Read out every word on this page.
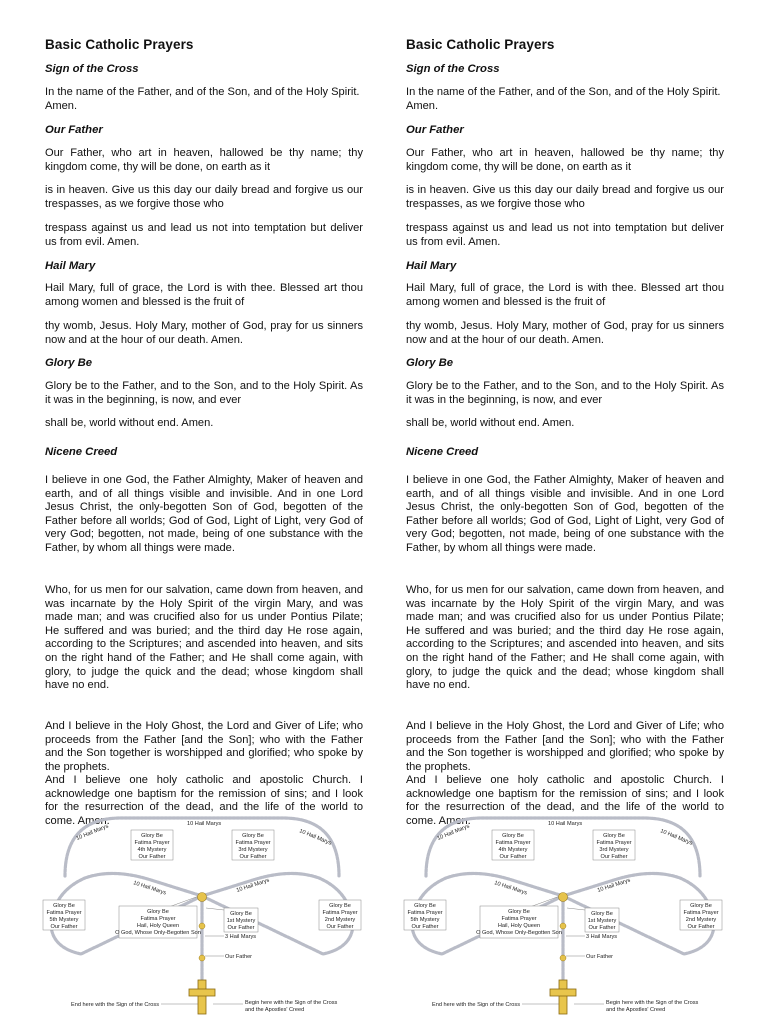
Basic Catholic Prayers
Sign of the Cross
In the name of the Father, and of the Son, and of the Holy Spirit. Amen.
Our Father
Our Father, who art in heaven, hallowed be thy name; thy kingdom come, thy will be done, on earth as it
is in heaven. Give us this day our daily bread and forgive us our trespasses, as we forgive those who
trespass against us and lead us not into temptation but deliver us from evil. Amen.
Hail Mary
Hail Mary, full of grace, the Lord is with thee. Blessed art thou among women and blessed is the fruit of
thy womb, Jesus. Holy Mary, mother of God, pray for us sinners now and at the hour of our death. Amen.
Glory Be
Glory be to the Father, and to the Son, and to the Holy Spirit. As it was in the beginning, is now, and ever
shall be, world without end. Amen.
Nicene Creed
I believe in one God, the Father Almighty, Maker of heaven and earth, and of all things visible and invisible. And in one Lord Jesus Christ, the only-begotten Son of God, begotten of the Father before all worlds; God of God, Light of Light, very God of very God; begotten, not made, being of one substance with the Father, by whom all things were made.
Who, for us men for our salvation, came down from heaven, and was incarnate by the Holy Spirit of the virgin Mary, and was made man; and was crucified also for us under Pontius Pilate; He suffered and was buried; and the third day He rose again, according to the Scriptures; and ascended into heaven, and sits on the right hand of the Father; and He shall come again, with glory, to judge the quick and the dead; whose kingdom shall have no end.
And I believe in the Holy Ghost, the Lord and Giver of Life; who proceeds from the Father [and the Son]; who with the Father and the Son together is worshipped and glorified; who spoke by the prophets.
And I believe one holy catholic and apostolic Church. I acknowledge one baptism for the remission of sins; and I look for the resurrection of the dead, and the life of the world to come. Amen.	10 Hail Marys
10 Hail Marys	10 Hail Marys
10 Hail Marys	10 Hail Marys
Glory Be
Fatima Prayer
4th Mystery
Our Father
Glory Be
Fatima Prayer
3rd Mystery
Our Father
Glory Be
Fatima Prayer
5th Mystery
Our Father
Glory Be
Fatima Prayer
2nd Mystery
Our Father
Glory Be
Fatima Prayer
Hail, Holy Queen
O God, Whose Only-Begotten Son
Glory Be
1st Mystery
Our Father
3 Hail Marys
Our Father
End here with the Sign of the Cross	Begin here with the Sign of the Cross
and the Apostles' Creed
Basic Catholic Prayers
Sign of the Cross
In the name of the Father, and of the Son, and of the Holy Spirit. Amen.
Our Father
Our Father, who art in heaven, hallowed be thy name; thy kingdom come, thy will be done, on earth as it
is in heaven. Give us this day our daily bread and forgive us our trespasses, as we forgive those who
trespass against us and lead us not into temptation but deliver us from evil. Amen.
Hail Mary
Hail Mary, full of grace, the Lord is with thee. Blessed art thou among women and blessed is the fruit of
thy womb, Jesus. Holy Mary, mother of God, pray for us sinners now and at the hour of our death. Amen.
Glory Be
Glory be to the Father, and to the Son, and to the Holy Spirit. As it was in the beginning, is now, and ever
shall be, world without end. Amen.
Nicene Creed
I believe in one God, the Father Almighty, Maker of heaven and earth, and of all things visible and invisible. And in one Lord Jesus Christ, the only-begotten Son of God, begotten of the Father before all worlds; God of God, Light of Light, very God of very God; begotten, not made, being of one substance with the Father, by whom all things were made.
Who, for us men for our salvation, came down from heaven, and was incarnate by the Holy Spirit of the virgin Mary, and was made man; and was crucified also for us under Pontius Pilate; He suffered and was buried; and the third day He rose again, according to the Scriptures; and ascended into heaven, and sits on the right hand of the Father; and He shall come again, with glory, to judge the quick and the dead; whose kingdom shall have no end.
And I believe in the Holy Ghost, the Lord and Giver of Life; who proceeds from the Father [and the Son]; who with the Father and the Son together is worshipped and glorified; who spoke by the prophets.
And I believe one holy catholic and apostolic Church. I acknowledge one baptism for the remission of sins; and I look for the resurrection of the dead, and the life of the world to come. Amen.	10 Hail Marys
10 Hail Marys	10 Hail Marys
10 Hail Marys	10 Hail Marys
Glory Be
Fatima Prayer
4th Mystery
Our Father
Glory Be
Fatima Prayer
3rd Mystery
Our Father
Glory Be
Fatima Prayer
5th Mystery
Our Father
Glory Be
Fatima Prayer
2nd Mystery
Our Father
Glory Be
Fatima Prayer
Hail, Holy Queen
O God, Whose Only-Begotten Son
Glory Be
1st Mystery
Our Father
3 Hail Marys
Our Father
End here with the Sign of the Cross	Begin here with the Sign of the Cross
and the Apostles' Creed
